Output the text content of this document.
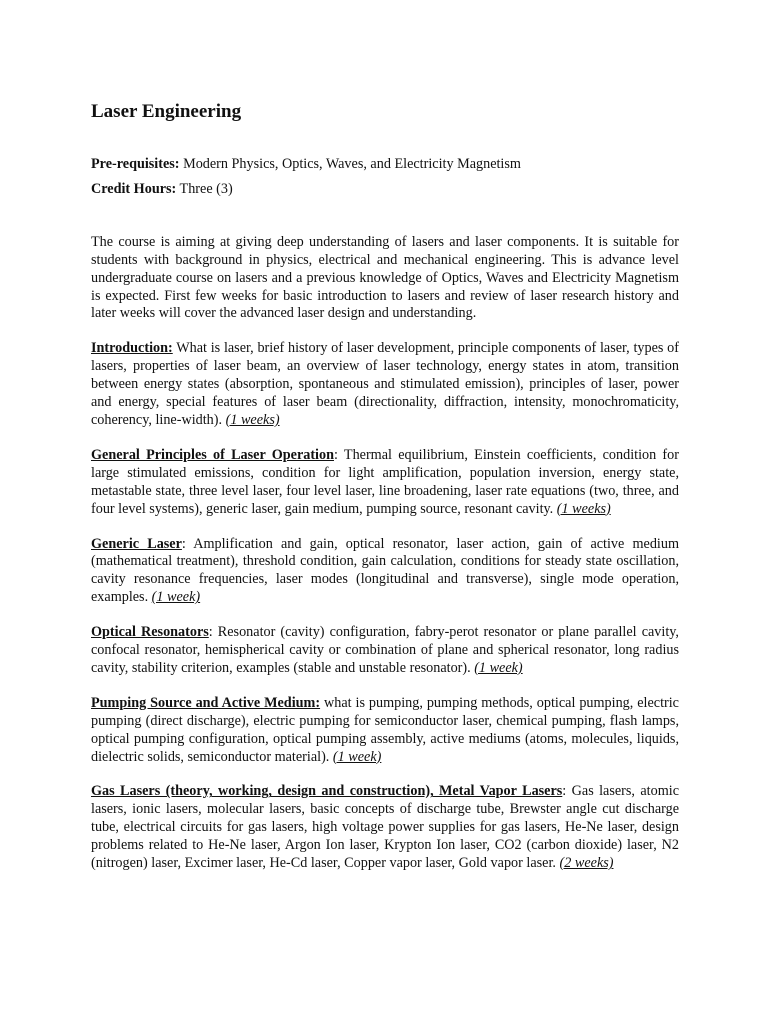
Laser Engineering
Pre-requisites: Modern Physics, Optics, Waves, and Electricity Magnetism
Credit Hours: Three (3)

The course is aiming at giving deep understanding of lasers and laser components. It is suitable for students with background in physics, electrical and mechanical engineering. This is advance level undergraduate course on lasers and a previous knowledge of Optics, Waves and Electricity Magnetism is expected. First few weeks for basic introduction to lasers and review of laser research history and later weeks will cover the advanced laser design and understanding.

Introduction: What is laser, brief history of laser development, principle components of laser, types of lasers, properties of laser beam, an overview of laser technology, energy states in atom, transition between energy states (absorption, spontaneous and stimulated emission), principles of laser, power and energy, special features of laser beam (directionality, diffraction, intensity, monochromaticity, coherency, line-width). (1 weeks)

General Principles of Laser Operation: Thermal equilibrium, Einstein coefficients, condition for large stimulated emissions, condition for light amplification, population inversion, energy state, metastable state, three level laser, four level laser, line broadening, laser rate equations (two, three, and four level systems), generic laser, gain medium, pumping source, resonant cavity. (1 weeks)

Generic Laser: Amplification and gain, optical resonator, laser action, gain of active medium (mathematical treatment), threshold condition, gain calculation, conditions for steady state oscillation, cavity resonance frequencies, laser modes (longitudinal and transverse), single mode operation, examples. (1 week)

Optical Resonators: Resonator (cavity) configuration, fabry-perot resonator or plane parallel cavity, confocal resonator, hemispherical cavity or combination of plane and spherical resonator, long radius cavity, stability criterion, examples (stable and unstable resonator). (1 week)

Pumping Source and Active Medium: what is pumping, pumping methods, optical pumping, electric pumping (direct discharge), electric pumping for semiconductor laser, chemical pumping, flash lamps, optical pumping configuration, optical pumping assembly, active mediums (atoms, molecules, liquids, dielectric solids, semiconductor material). (1 week)

Gas Lasers (theory, working, design and construction), Metal Vapor Lasers: Gas lasers, atomic lasers, ionic lasers, molecular lasers, basic concepts of discharge tube, Brewster angle cut discharge tube, electrical circuits for gas lasers, high voltage power supplies for gas lasers, He-Ne laser, design problems related to He-Ne laser, Argon Ion laser, Krypton Ion laser, CO2 (carbon dioxide) laser, N2 (nitrogen) laser, Excimer laser, He-Cd laser, Copper vapor laser, Gold vapor laser. (2 weeks)
